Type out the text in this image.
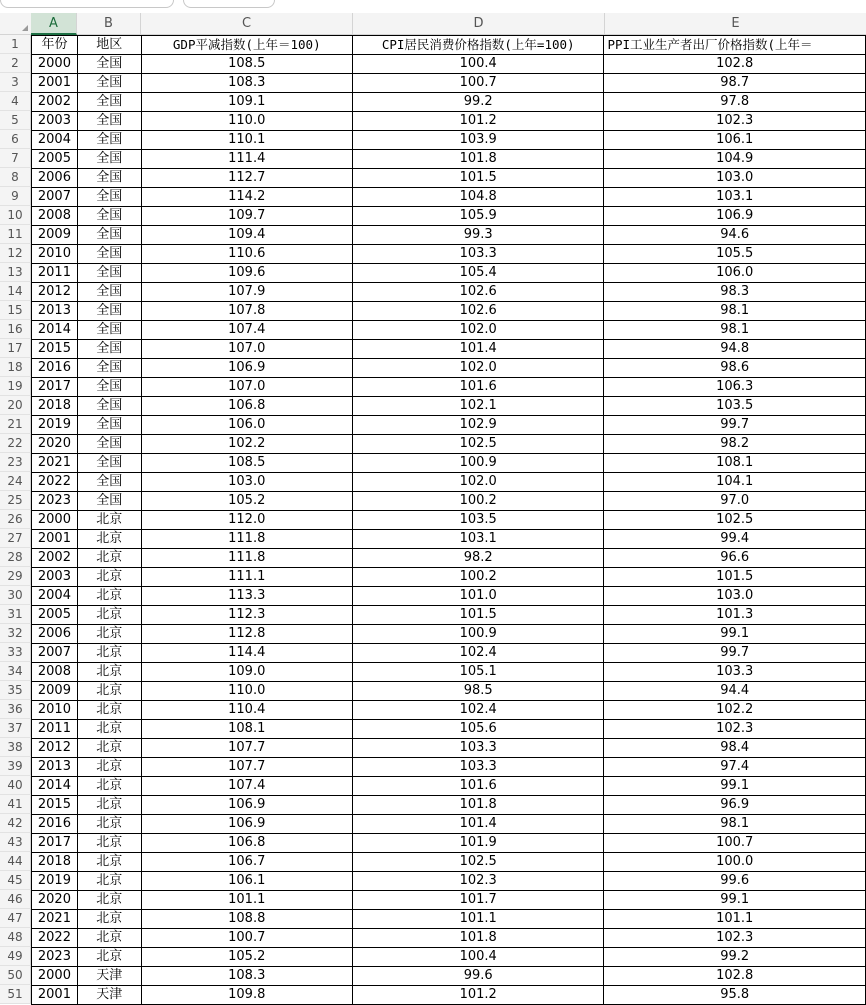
A	B	C	D	E
1
2
3
4
5
6
7
8
9
10
11
12
13
14
15
16
17
18
19
20
21
22
23
24
25
26
27
28
29
30
31
32
33
34
35
36
37
38
39
40
41
42
43
44
45
46
47
48
49
50
51
年份	地区	GDP平减指数(上年＝100)	CPI居民消费价格指数(上年=100)	PPI工业生产者出厂价格指数(上年＝
2000	全国	108.5	100.4	102.8
2001	全国	108.3	100.7	98.7
2002	全国	109.1	99.2	97.8
2003	全国	110.0	101.2	102.3
2004	全国	110.1	103.9	106.1
2005	全国	111.4	101.8	104.9
2006	全国	112.7	101.5	103.0
2007	全国	114.2	104.8	103.1
2008	全国	109.7	105.9	106.9
2009	全国	109.4	99.3	94.6
2010	全国	110.6	103.3	105.5
2011	全国	109.6	105.4	106.0
2012	全国	107.9	102.6	98.3
2013	全国	107.8	102.6	98.1
2014	全国	107.4	102.0	98.1
2015	全国	107.0	101.4	94.8
2016	全国	106.9	102.0	98.6
2017	全国	107.0	101.6	106.3
2018	全国	106.8	102.1	103.5
2019	全国	106.0	102.9	99.7
2020	全国	102.2	102.5	98.2
2021	全国	108.5	100.9	108.1
2022	全国	103.0	102.0	104.1
2023	全国	105.2	100.2	97.0
2000	北京	112.0	103.5	102.5
2001	北京	111.8	103.1	99.4
2002	北京	111.8	98.2	96.6
2003	北京	111.1	100.2	101.5
2004	北京	113.3	101.0	103.0
2005	北京	112.3	101.5	101.3
2006	北京	112.8	100.9	99.1
2007	北京	114.4	102.4	99.7
2008	北京	109.0	105.1	103.3
2009	北京	110.0	98.5	94.4
2010	北京	110.4	102.4	102.2
2011	北京	108.1	105.6	102.3
2012	北京	107.7	103.3	98.4
2013	北京	107.7	103.3	97.4
2014	北京	107.4	101.6	99.1
2015	北京	106.9	101.8	96.9
2016	北京	106.9	101.4	98.1
2017	北京	106.8	101.9	100.7
2018	北京	106.7	102.5	100.0
2019	北京	106.1	102.3	99.6
2020	北京	101.1	101.7	99.1
2021	北京	108.8	101.1	101.1
2022	北京	100.7	101.8	102.3
2023	北京	105.2	100.4	99.2
2000	天津	108.3	99.6	102.8
2001	天津	109.8	101.2	95.8
